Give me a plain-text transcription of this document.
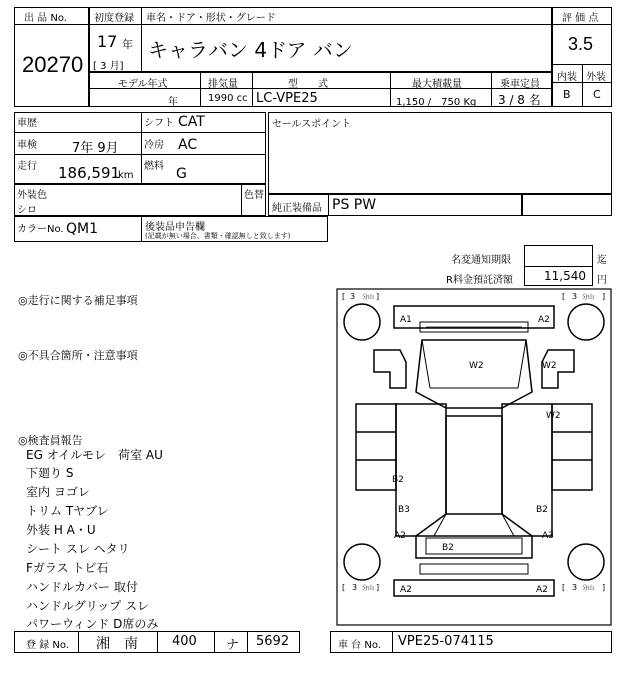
出 品 No.
20270
初度登録 車名・ドア・形状・グレード
17 年
[ 3 月]
キャラバン 4ドア バン
評 価 点
3.5
内装 外装
B C
モデル年式	排気量	型　　式	最大積載量	乗車定員
年	1990 cc LC-VPE25	1,150 /　750 Kg 3 / 8 名
車歴
車検	7年 9月
走行 186,591
km
シフト CAT
冷房 AC
燃料 G
セールスポイント
外装色
シロ
色替
純正装備品 PS PW
カラーNo. QM1	後装品申告欄
(記載が無い場合、書類・確認無しと致します)
名変通知期限	迄
R料金預託済額	11,540 円
◎走行に関する補足事項
◎不具合箇所・注意事項
◎検査員報告
EG オイルモレ　荷室 AU
下廻り S
室内 ヨゴレ
トリム Tヤブレ
外装 H A・U
シート スレ ヘタリ
Fガラス トビ石
ハンドルカバー 取付
ハンドルグリップ スレ
パワーウィンド D席のみ
[ 3 分山 ]	[ 3 分山 ]
[ 3 分山 ]	[ 3 分山 ]
A1	A2
W2	W2
W2
B2
B3	B2
A2	A3
B2
A2	A2
登 録 No. 湘　南	400 ナ 5692	車 台 No. VPE25-074115
